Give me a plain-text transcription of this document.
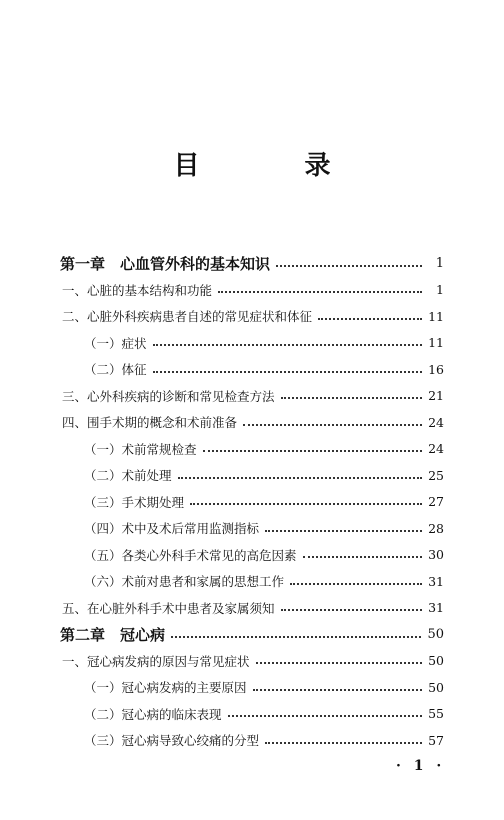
目 录
第一章　心血管外科的基本知识	1
一、心脏的基本结构和功能	1
二、心脏外科疾病患者自述的常见症状和体征	11
（一）症状	11
（二）体征	16
三、心外科疾病的诊断和常见检查方法	21
四、围手术期的概念和术前准备	24
（一）术前常规检查	24
（二）术前处理	25
（三）手术期处理	27
（四）术中及术后常用监测指标	28
（五）各类心外科手术常见的高危因素	30
（六）术前对患者和家属的思想工作	31
五、在心脏外科手术中患者及家属须知	31
第二章　冠心病	50
一、冠心病发病的原因与常见症状	50
（一）冠心病发病的主要原因	50
（二）冠心病的临床表现	55
（三）冠心病导致心绞痛的分型	57
· 1 ·
